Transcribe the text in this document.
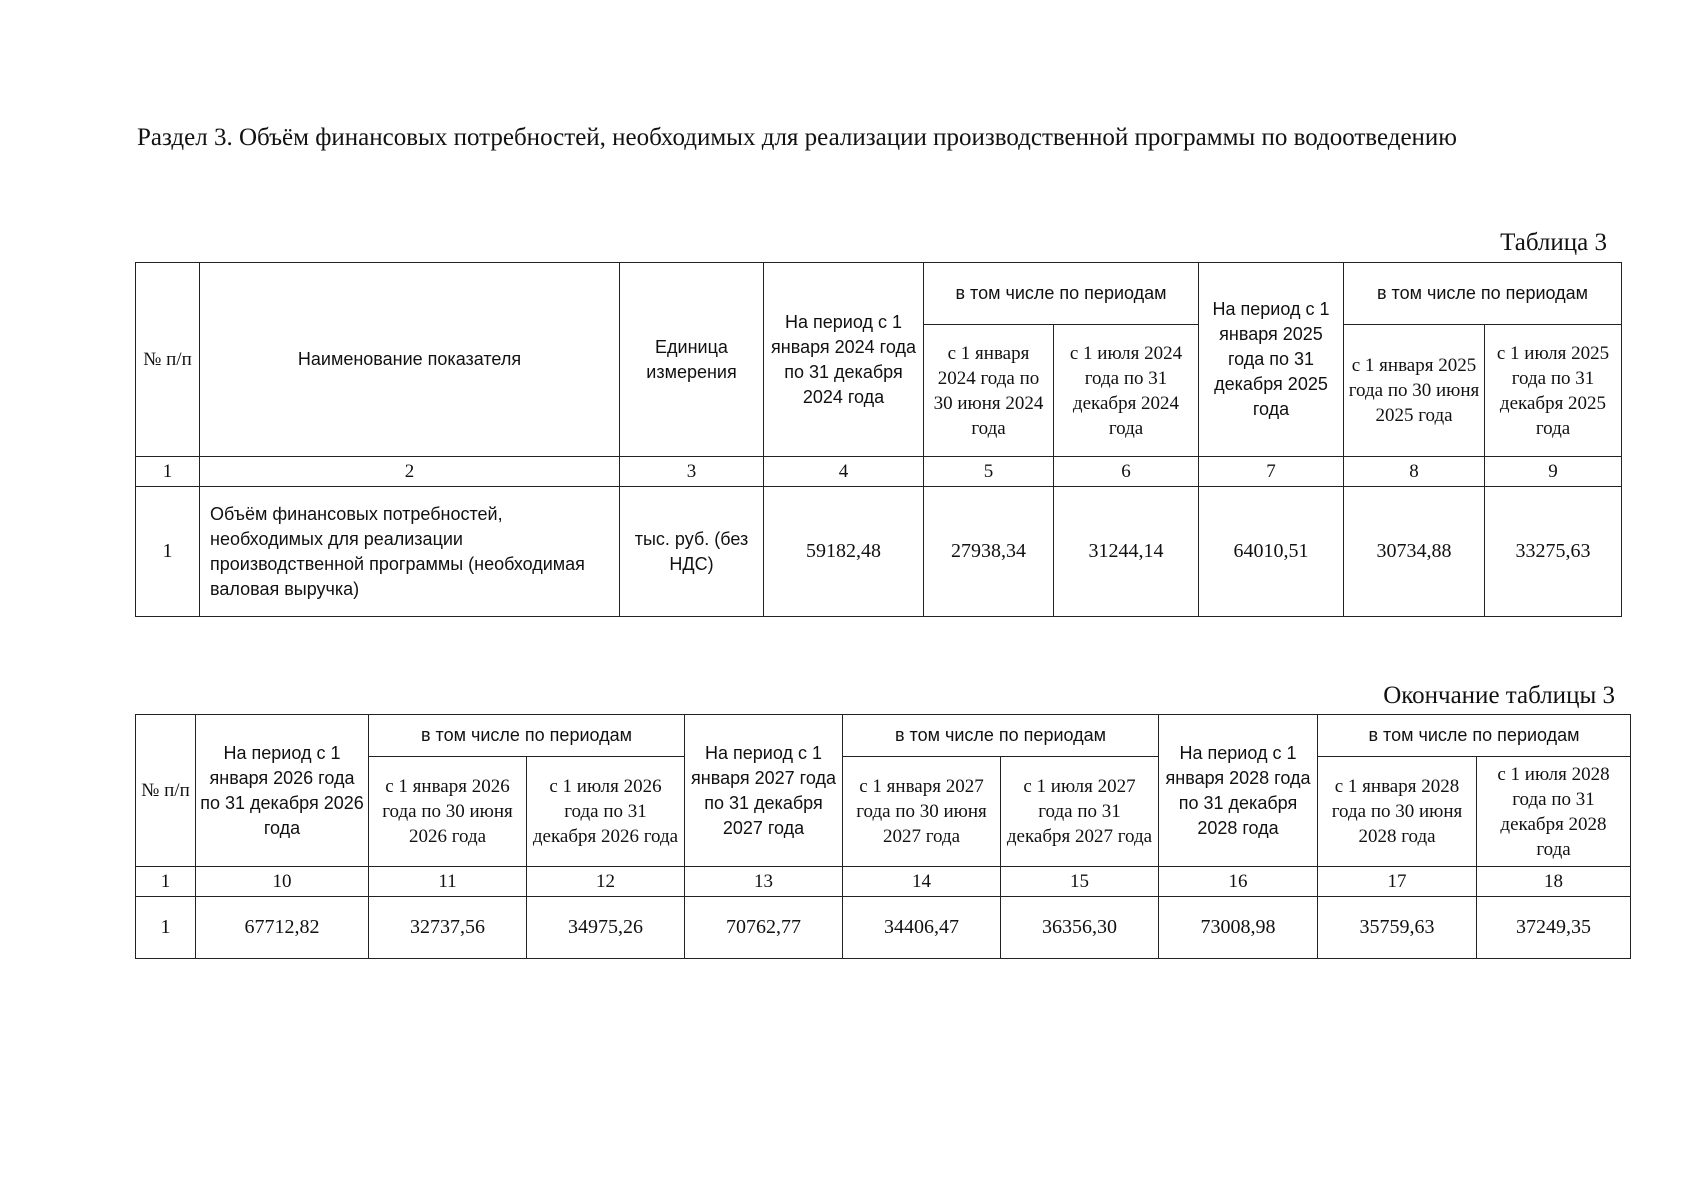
Раздел 3. Объём финансовых потребностей, необходимых для реализации производственной программы по водоотведению
Таблица 3
№ п/п	Наименование показателя	Единица измерения	На период с 1 января 2024 года по 31 декабря 2024 года	в том числе по периодам		На период с 1 января 2025 года по 31 декабря 2025 года	в том числе по периодам	
				с 1 января 2024 года по 30 июня 2024 года	с 1 июля 2024 года по 31 декабря 2024 года		с 1 января 2025 года по 30 июня 2025 года	с 1 июля 2025 года по 31 декабря 2025 года
1	2	3	4	5	6	7	8	9
1	Объём финансовых потребностей, необходимых для реализации производственной программы (необходимая валовая выручка)	тыс. руб. (без НДС)	59182,48	27938,34	31244,14	64010,51	30734,88	33275,63
Окончание таблицы 3
№ п/п	На период с 1 января 2026 года по 31 декабря 2026 года	в том числе по периодам		На период с 1 января 2027 года по 31 декабря 2027 года	в том числе по периодам		На период с 1 января 2028 года по 31 декабря 2028 года	в том числе по периодам	
		с 1 января 2026 года по 30 июня 2026 года	с 1 июля 2026 года по 31 декабря 2026 года		с 1 января 2027 года по 30 июня 2027 года	с 1 июля 2027 года по 31 декабря 2027 года		с 1 января 2028 года по 30 июня 2028 года	с 1 июля 2028 года по 31 декабря 2028 года
1	10	11	12	13	14	15	16	17	18
1	67712,82	32737,56	34975,26	70762,77	34406,47	36356,30	73008,98	35759,63	37249,35
